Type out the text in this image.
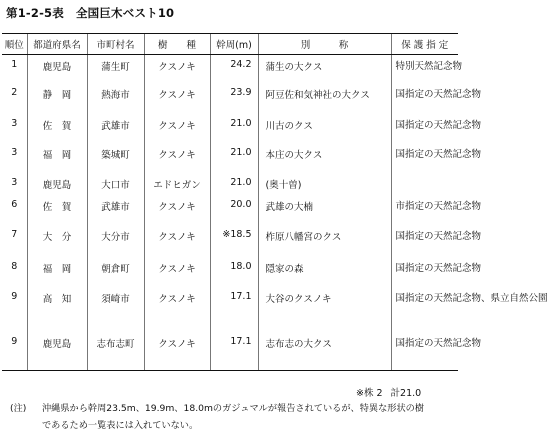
第1-2-5表 全国巨木ベスト10
順位	都道府県名	市町村名	樹　　種	幹周(m)	別　　　称	保 護 指 定
1	鹿児島	蒲生町	クスノキ	24.2	蒲生の大クス	特別天然記念物
2	静　岡	熱海市	クスノキ	23.9	阿豆佐和気神社の大クス	国指定の天然記念物
3	佐　賀	武雄市	クスノキ	21.0	川古のクス	国指定の天然記念物
3	福　岡	築城町	クスノキ	21.0	本庄の大クス	国指定の天然記念物
3	鹿児島	大口市	エドヒガン	21.0	(奥十曽)	
6	佐　賀	武雄市	クスノキ	20.0	武雄の大楠	市指定の天然記念物
7	大　分	大分市	クスノキ	※18.5	柞原八幡宮のクス	国指定の天然記念物
8	福　岡	朝倉町	クスノキ	18.0	隠家の森	国指定の天然記念物
9	高　知	須崎市	クスノキ	17.1	大谷のクスノキ	国指定の天然記念物、県立自然公園
9	鹿児島	志布志町	クスノキ	17.1	志布志の大クス	国指定の天然記念物
※株 2 計21.0
(注)	沖縄県から幹周23.5m、19.9m、18.0mのガジュマルが報告されているが、特異な形状の樹
であるため一覧表には入れていない。
